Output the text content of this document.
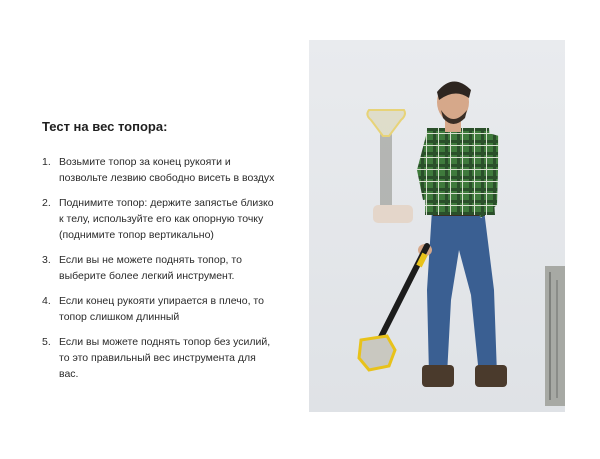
Тест на вес топора:
1. Возьмите топор за конец рукояти и позвольте лезвию свободно висеть в воздух
2. Поднимите топор: держите запястье близко к телу, используйте его как опорную точку (поднимите топор вертикально)
3. Если вы не можете поднять топор, то выберите более легкий инструмент.
4. Если конец рукояти упирается в плечо, то топор слишком длинный
5. Если вы можете поднять топор без усилий, то это правильный вес инструмента для вас.
